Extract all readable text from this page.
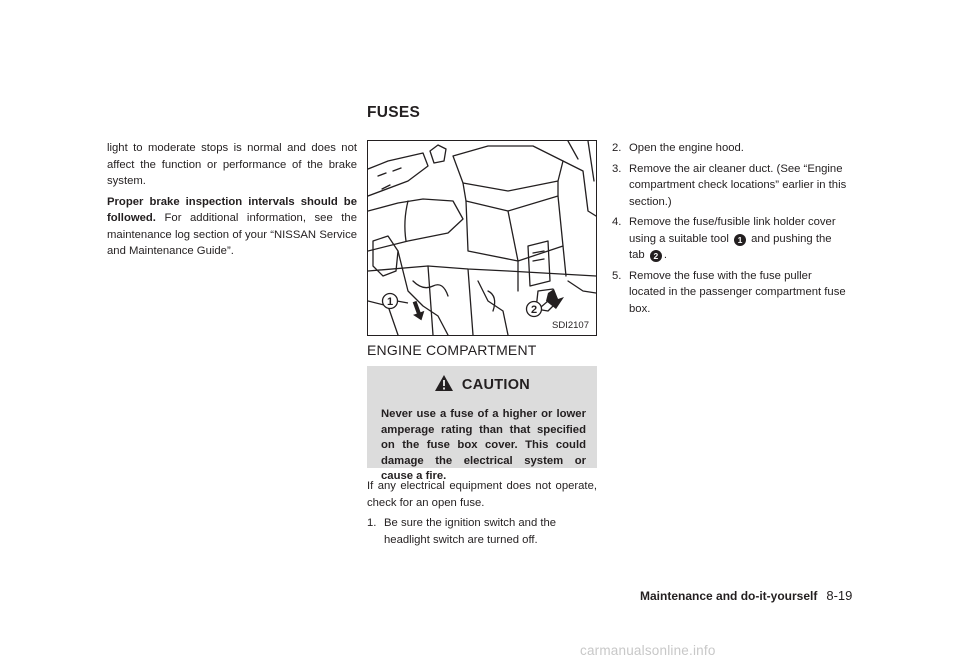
FUSES

light to moderate stops is normal and does not affect the function or performance of the brake system.

Proper brake inspection intervals should be followed. For additional information, see the maintenance log section of your “NISSAN Service and Maintenance Guide”.

1
2
SDI2107
ENGINE COMPARTMENT
CAUTION
Never use a fuse of a higher or lower amperage rating than that specified on the fuse box cover. This could damage the electrical system or cause a fire.

If any electrical equipment does not operate, check for an open fuse.

1. Be sure the ignition switch and the headlight switch are turned off.
2. Open the engine hood.
3. Remove the air cleaner duct. (See “Engine compartment check locations” earlier in this section.)
4. Remove the fuse/fusible link holder cover using a suitable tool 1 and pushing the tab 2 .
5. Remove the fuse with the fuse puller located in the passenger compartment fuse box.
Maintenance and do-it-yourself 8-19
carmanualsonline.info
